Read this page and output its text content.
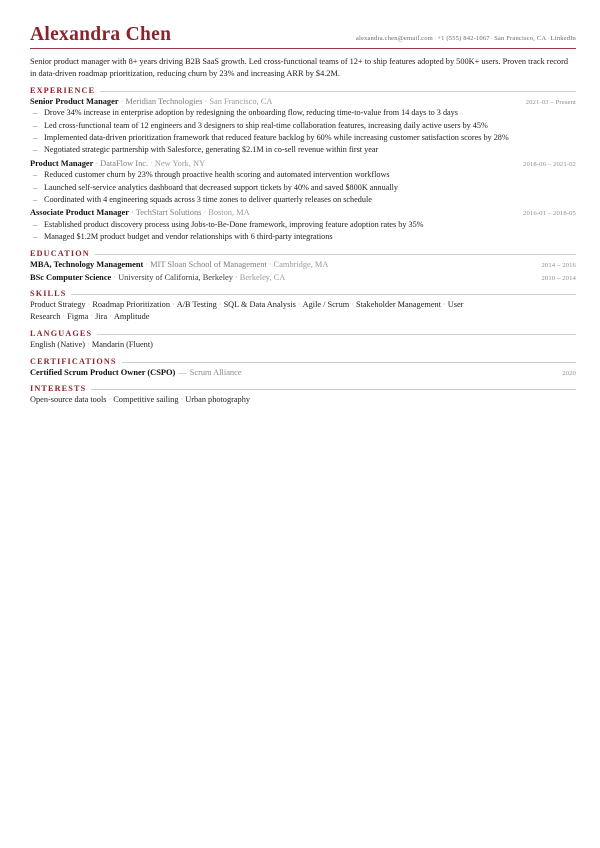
Alexandra Chen	alexandra.chen@email.com·+1 (555) 842-1067·San Francisco, CA·LinkedIn
Senior product manager with 8+ years driving B2B SaaS growth. Led cross-functional teams of 12+ to ship features adopted by 500K+ users. Proven track record in data-driven roadmap prioritization, reducing churn by 23% and increasing ARR by $4.2M.
EXPERIENCE
Senior Product Manager · Meridian Technologies · San Francisco, CA	2021-03 – Present
– Drove 34% increase in enterprise adoption by redesigning the onboarding flow, reducing time-to-value from 14 days to 3 days
– Led cross-functional team of 12 engineers and 3 designers to ship real-time collaboration features, increasing daily active users by 45%
– Implemented data-driven prioritization framework that reduced feature backlog by 60% while increasing customer satisfaction scores by 28%
– Negotiated strategic partnership with Salesforce, generating $2.1M in co-sell revenue within first year
Product Manager · DataFlow Inc. · New York, NY	2018-06 – 2021-02
– Reduced customer churn by 23% through proactive health scoring and automated intervention workflows
– Launched self-service analytics dashboard that decreased support tickets by 40% and saved $800K annually
– Coordinated with 4 engineering squads across 3 time zones to deliver quarterly releases on schedule
Associate Product Manager · TechStart Solutions · Boston, MA	2016-01 – 2018-05
– Established product discovery process using Jobs-to-Be-Done framework, improving feature adoption rates by 35%
– Managed $1.2M product budget and vendor relationships with 6 third-party integrations
EDUCATION
MBA, Technology Management · MIT Sloan School of Management · Cambridge, MA	2014 – 2016
BSc Computer Science · University of California, Berkeley · Berkeley, CA	2010 – 2014
SKILLS
Product Strategy · Roadmap Prioritization · A/B Testing · SQL & Data Analysis · Agile / Scrum · Stakeholder Management · User Research · Figma · Jira · Amplitude
LANGUAGES
English (Native) · Mandarin (Fluent)
CERTIFICATIONS
Certified Scrum Product Owner (CSPO) — Scrum Alliance	2020
INTERESTS
Open-source data tools · Competitive sailing · Urban photography
